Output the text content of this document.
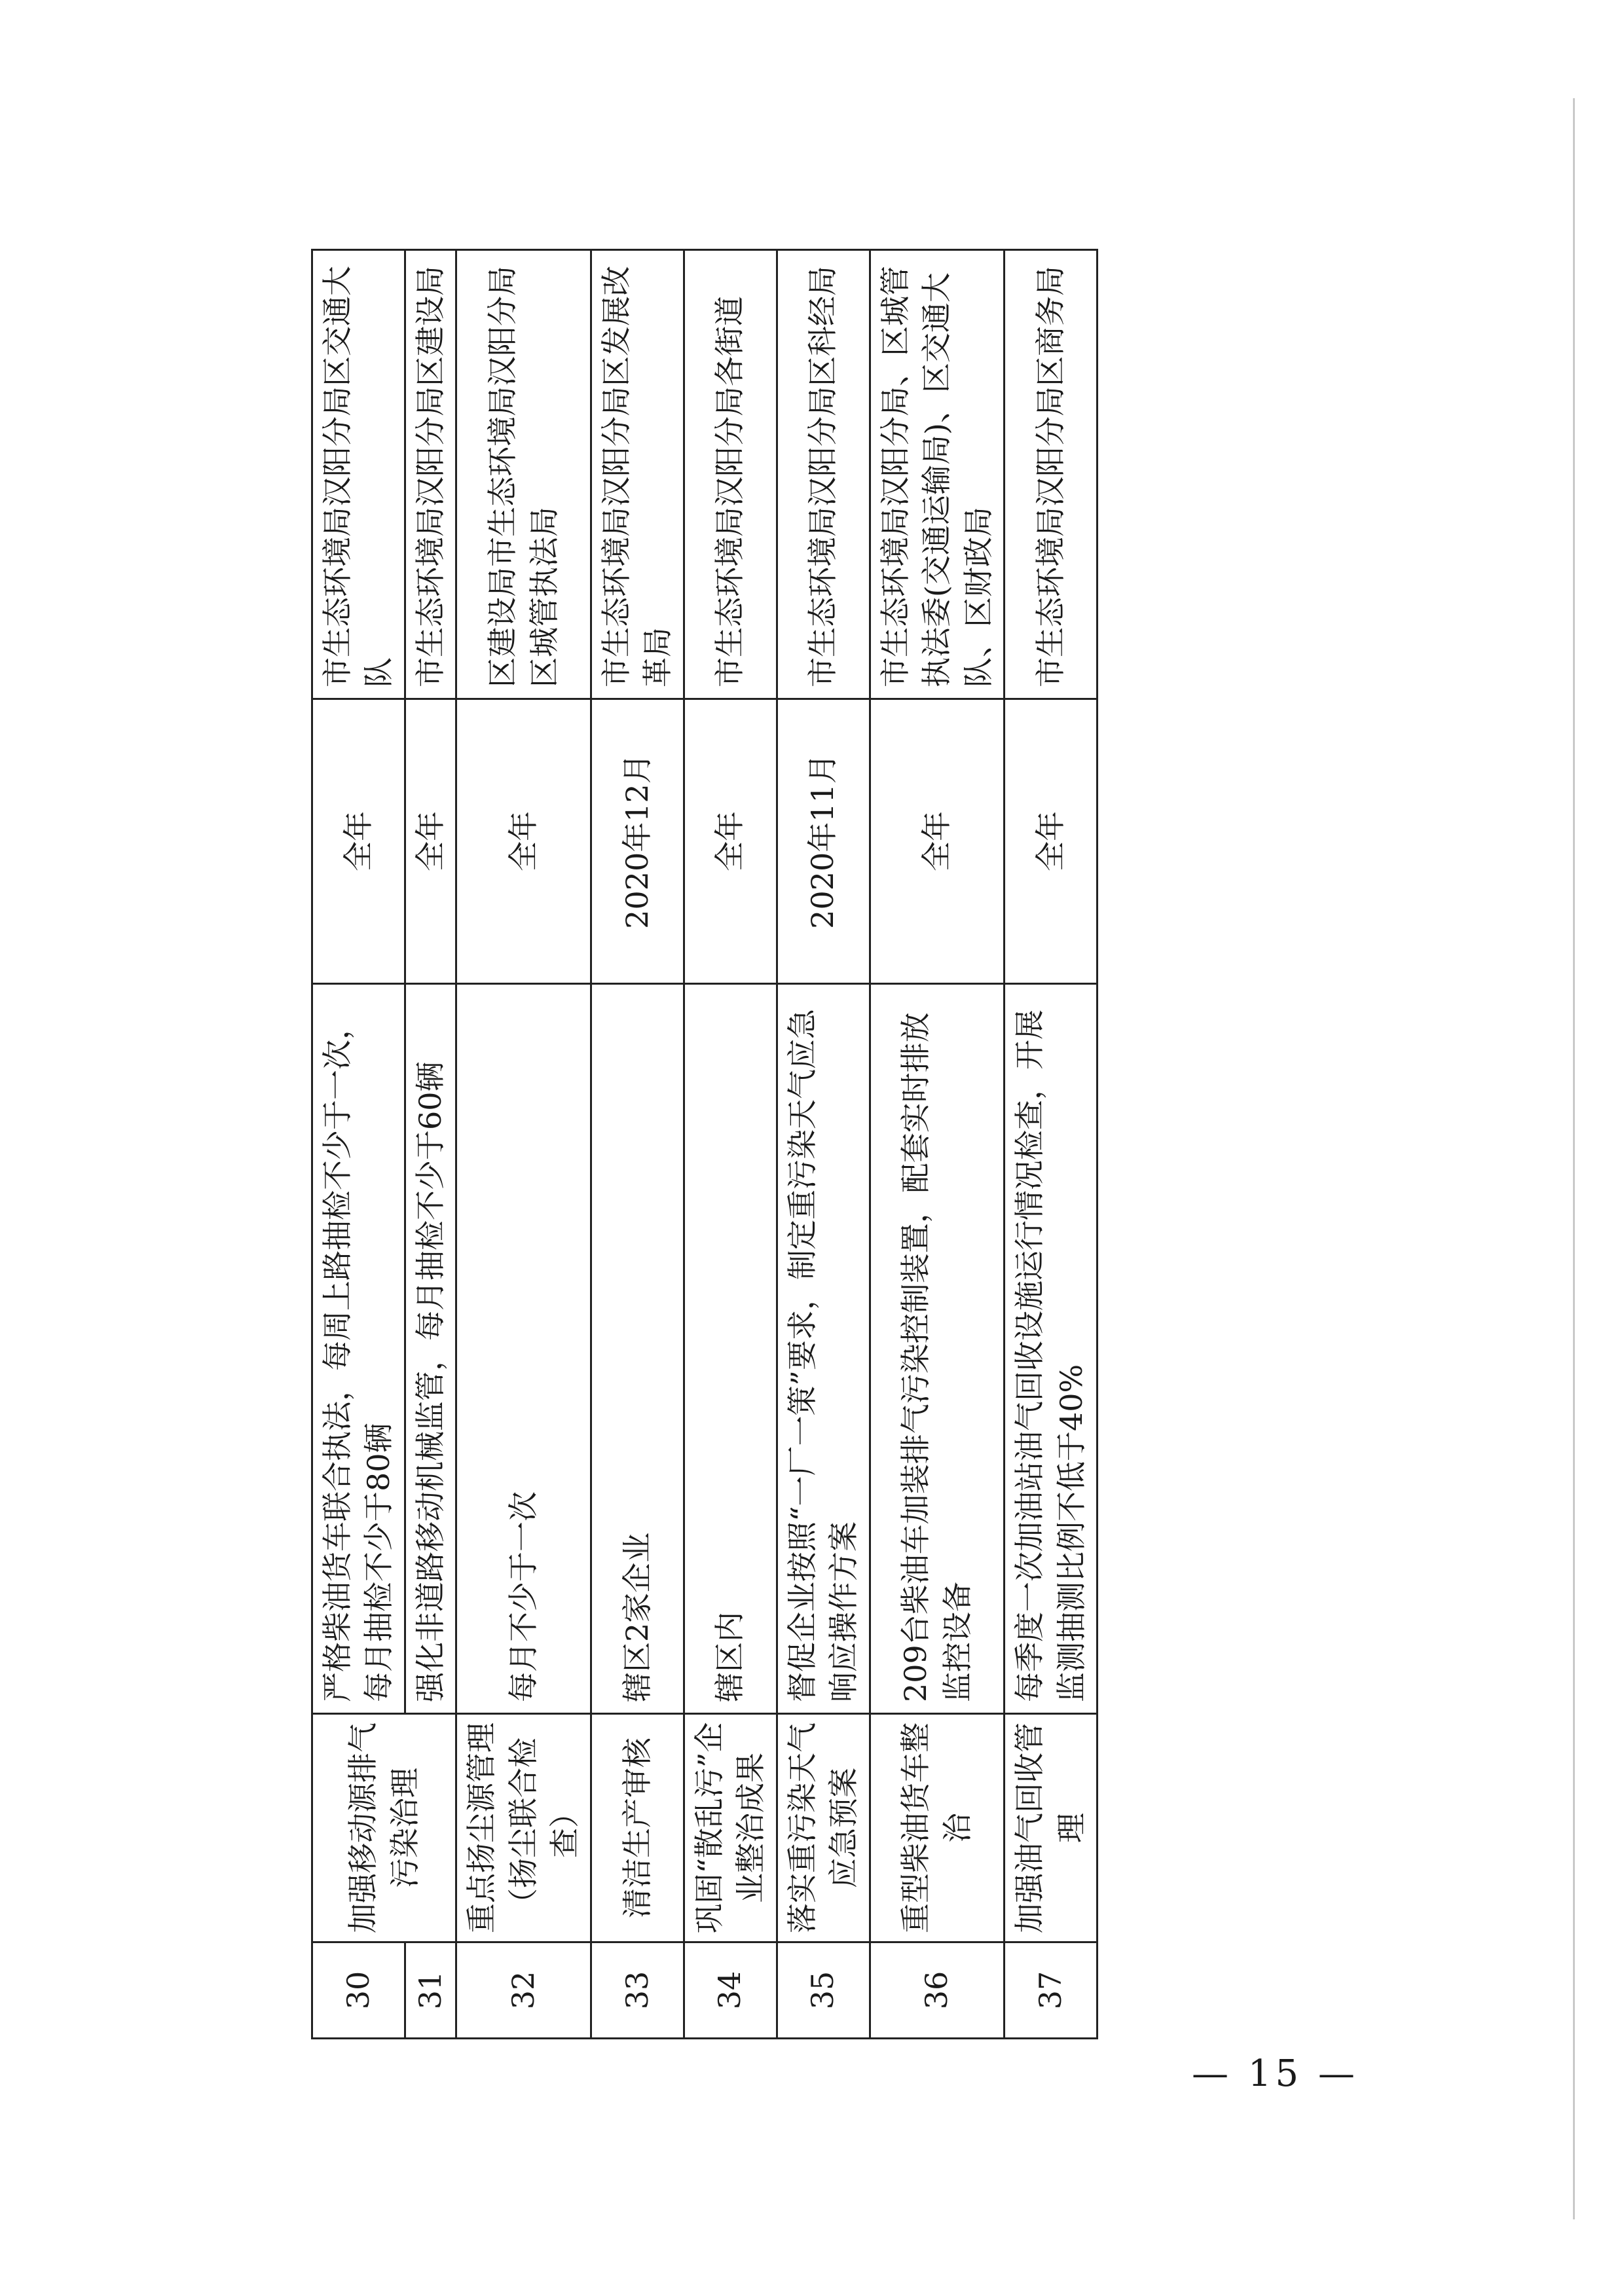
30	加强移动源排气污染治理	严格柴油货车联合执法，每周上路抽检不少于一次，每月抽检不少于80辆	全年	市生态环境局汉阳分局区交通大队
31		强化非道路移动机械监管，每月抽检不少于60辆	全年	市生态环境局汉阳分局区建设局
32	重点扬尘源管理（扬尘联合检查）	每月不少于一次	全年	区建设局市生态环境局汉阳分局区城管执法局
33	清洁生产审核	辖区2家企业	2020年12月	市生态环境局汉阳分局区发展改革局
34	巩固“散乱污”企业整治成果	辖区内	全年	市生态环境局汉阳分局各街道
35	落实重污染天气应急预案	督促企业按照“一厂一策”要求，制定重污染天气应急响应操作方案	2020年11月	市生态环境局汉阳分局区科经局
36	重型柴油货车整治	209台柴油车加装排气污染控制装置，配套实时排放监控设备	全年	市生态环境局汉阳分局、区城管执法委(交通运输局)、区交通大队、区财政局
37	加强油气回收管理	每季度一次加油站油气回收设施运行情况检查，开展监测抽测比例不低于40%	全年	市生态环境局汉阳分局区商务局
— 15 —
